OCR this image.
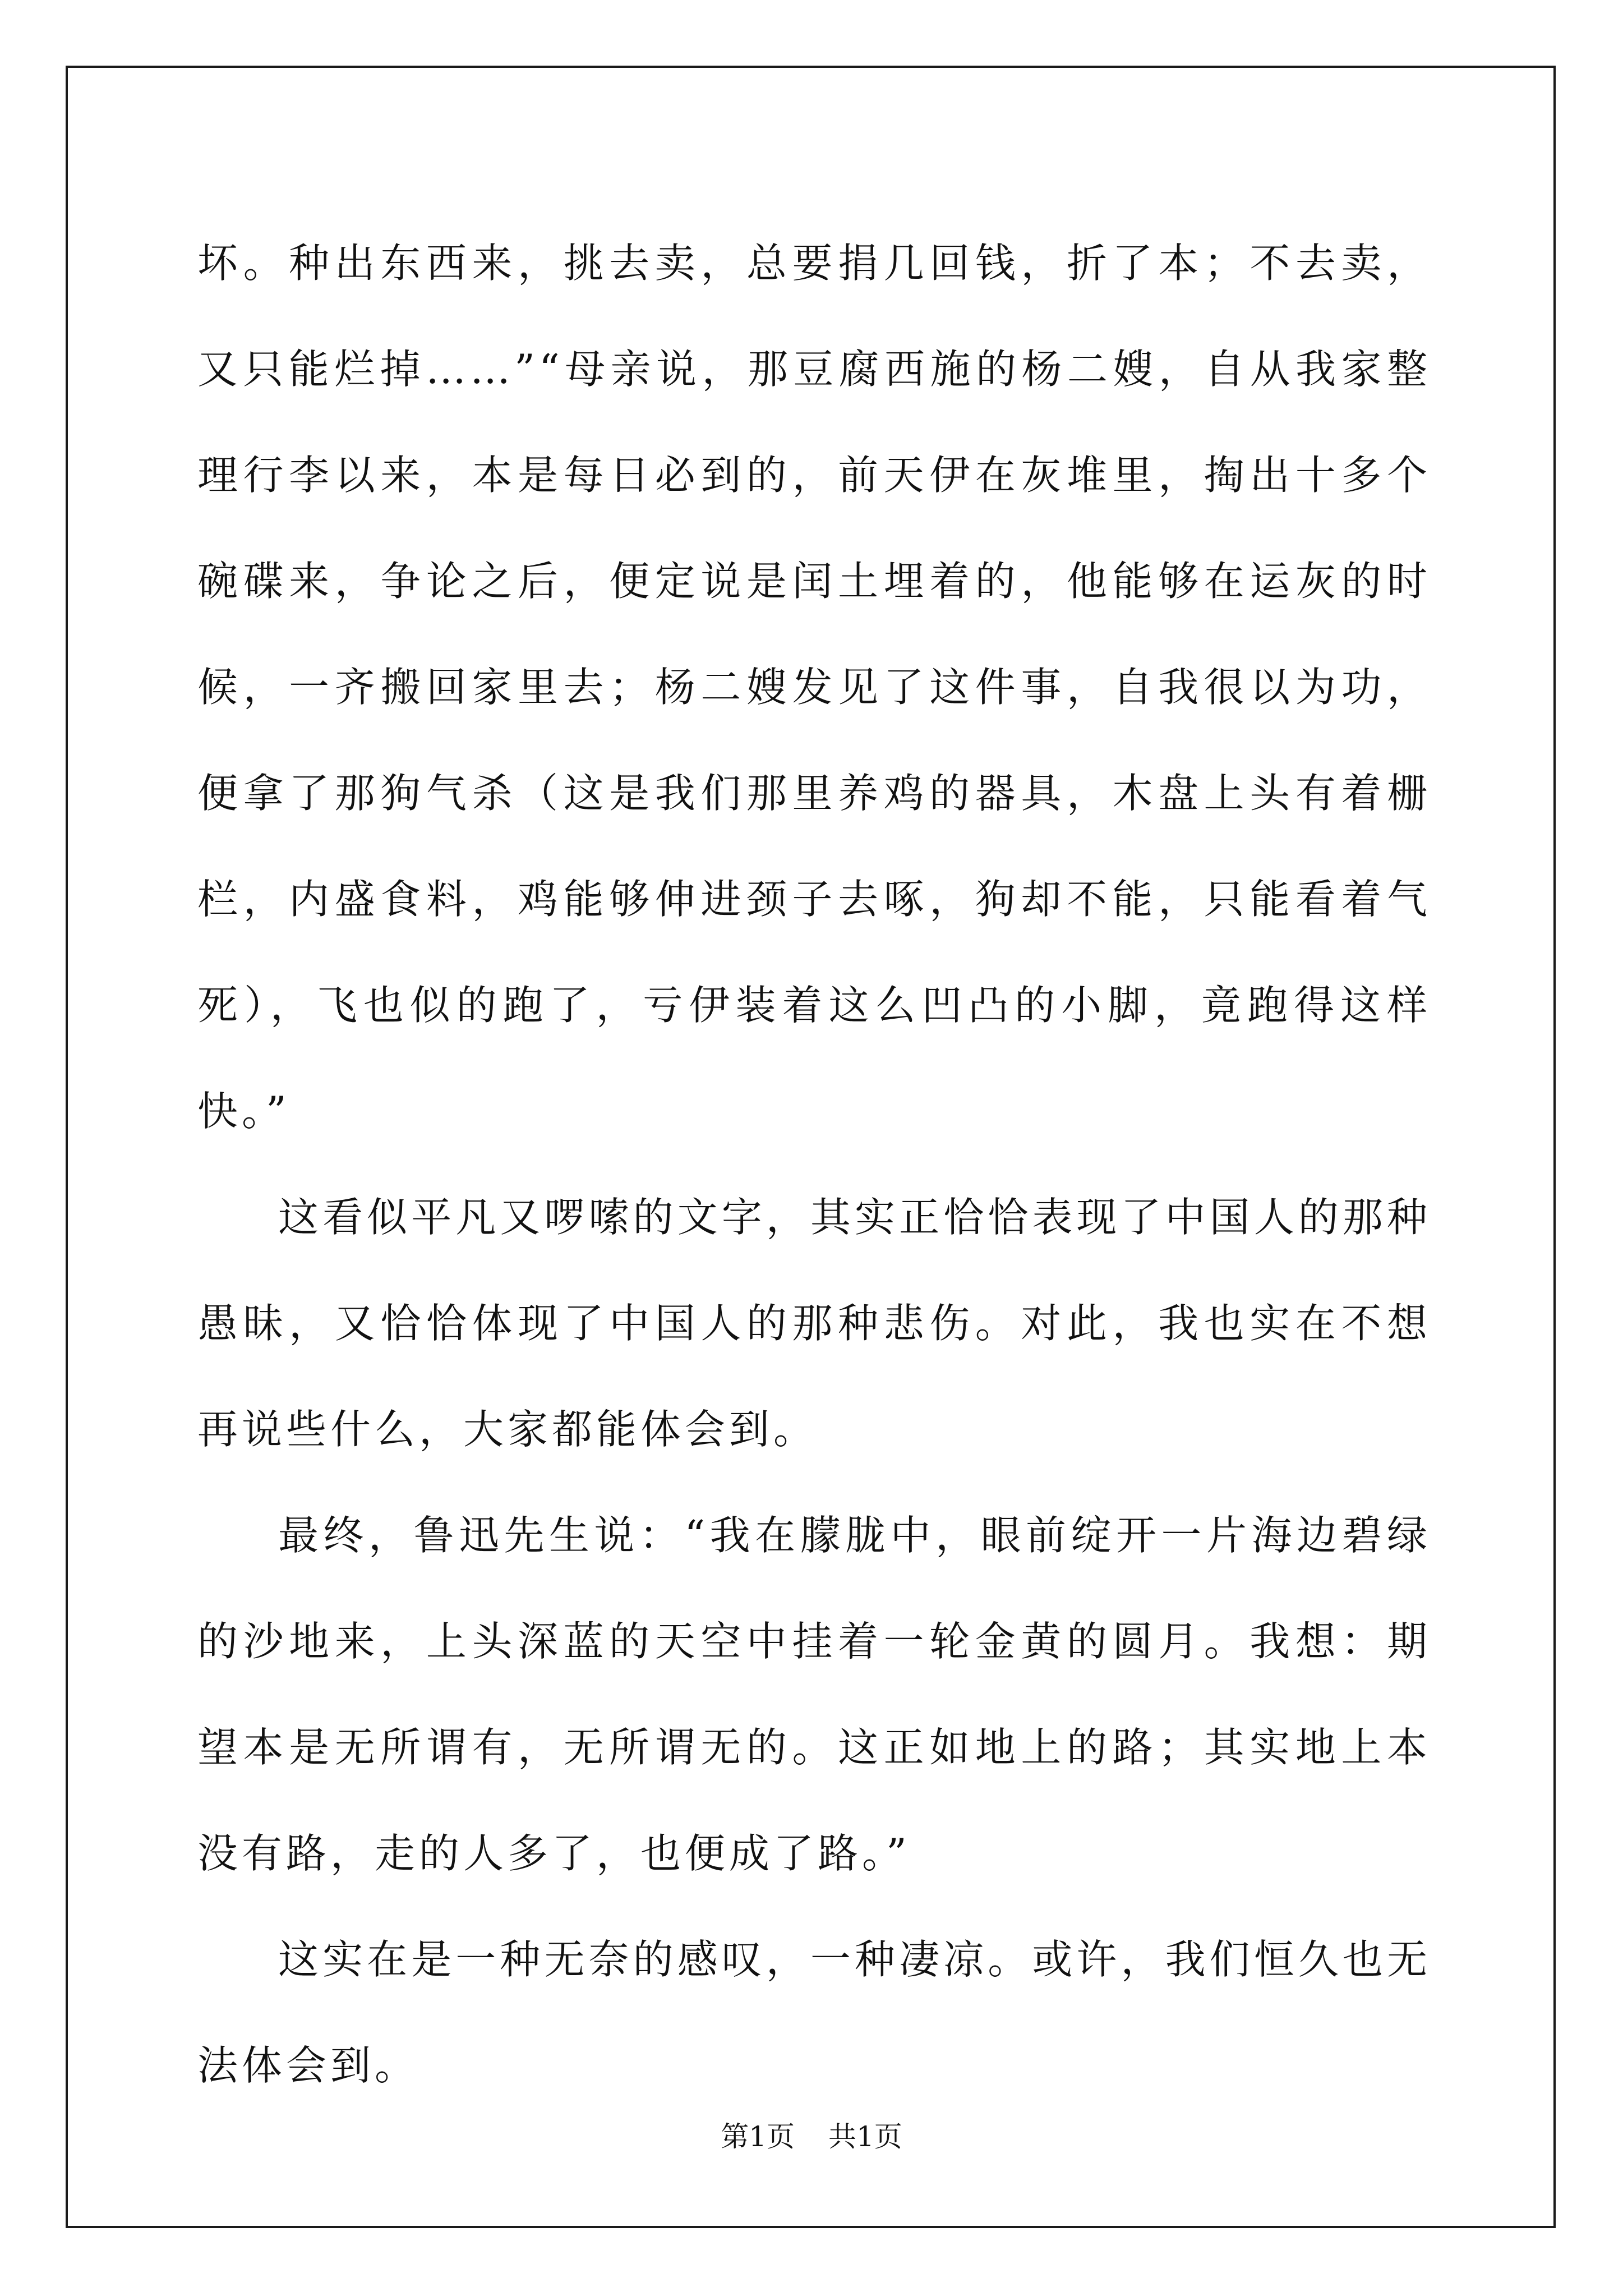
坏。种出东西来，挑去卖，总要捐几回钱，折了本；不去卖，又只能烂掉……”“母亲说，那豆腐西施的杨二嫂，自从我家整理行李以来，本是每日必到的，前天伊在灰堆里，掏出十多个碗碟来，争论之后，便定说是闰土埋着的，他能够在运灰的时候，一齐搬回家里去；杨二嫂发见了这件事，自我很以为功，便拿了那狗气杀（这是我们那里养鸡的器具，木盘上头有着栅栏，内盛食料，鸡能够伸进颈子去啄，狗却不能，只能看着气死），飞也似的跑了，亏伊装着这么凹凸的小脚，竟跑得这样快。”

这看似平凡又啰嗦的文字，其实正恰恰表现了中国人的那种愚昧，又恰恰体现了中国人的那种悲伤。对此，我也实在不想再说些什么，大家都能体会到。

最终，鲁迅先生说：“我在朦胧中，眼前绽开一片海边碧绿的沙地来，上头深蓝的天空中挂着一轮金黄的圆月。我想：期望本是无所谓有，无所谓无的。这正如地上的路；其实地上本没有路，走的人多了，也便成了路。”

这实在是一种无奈的感叹，一种凄凉。或许，我们恒久也无法体会到。

第1页 共1页
